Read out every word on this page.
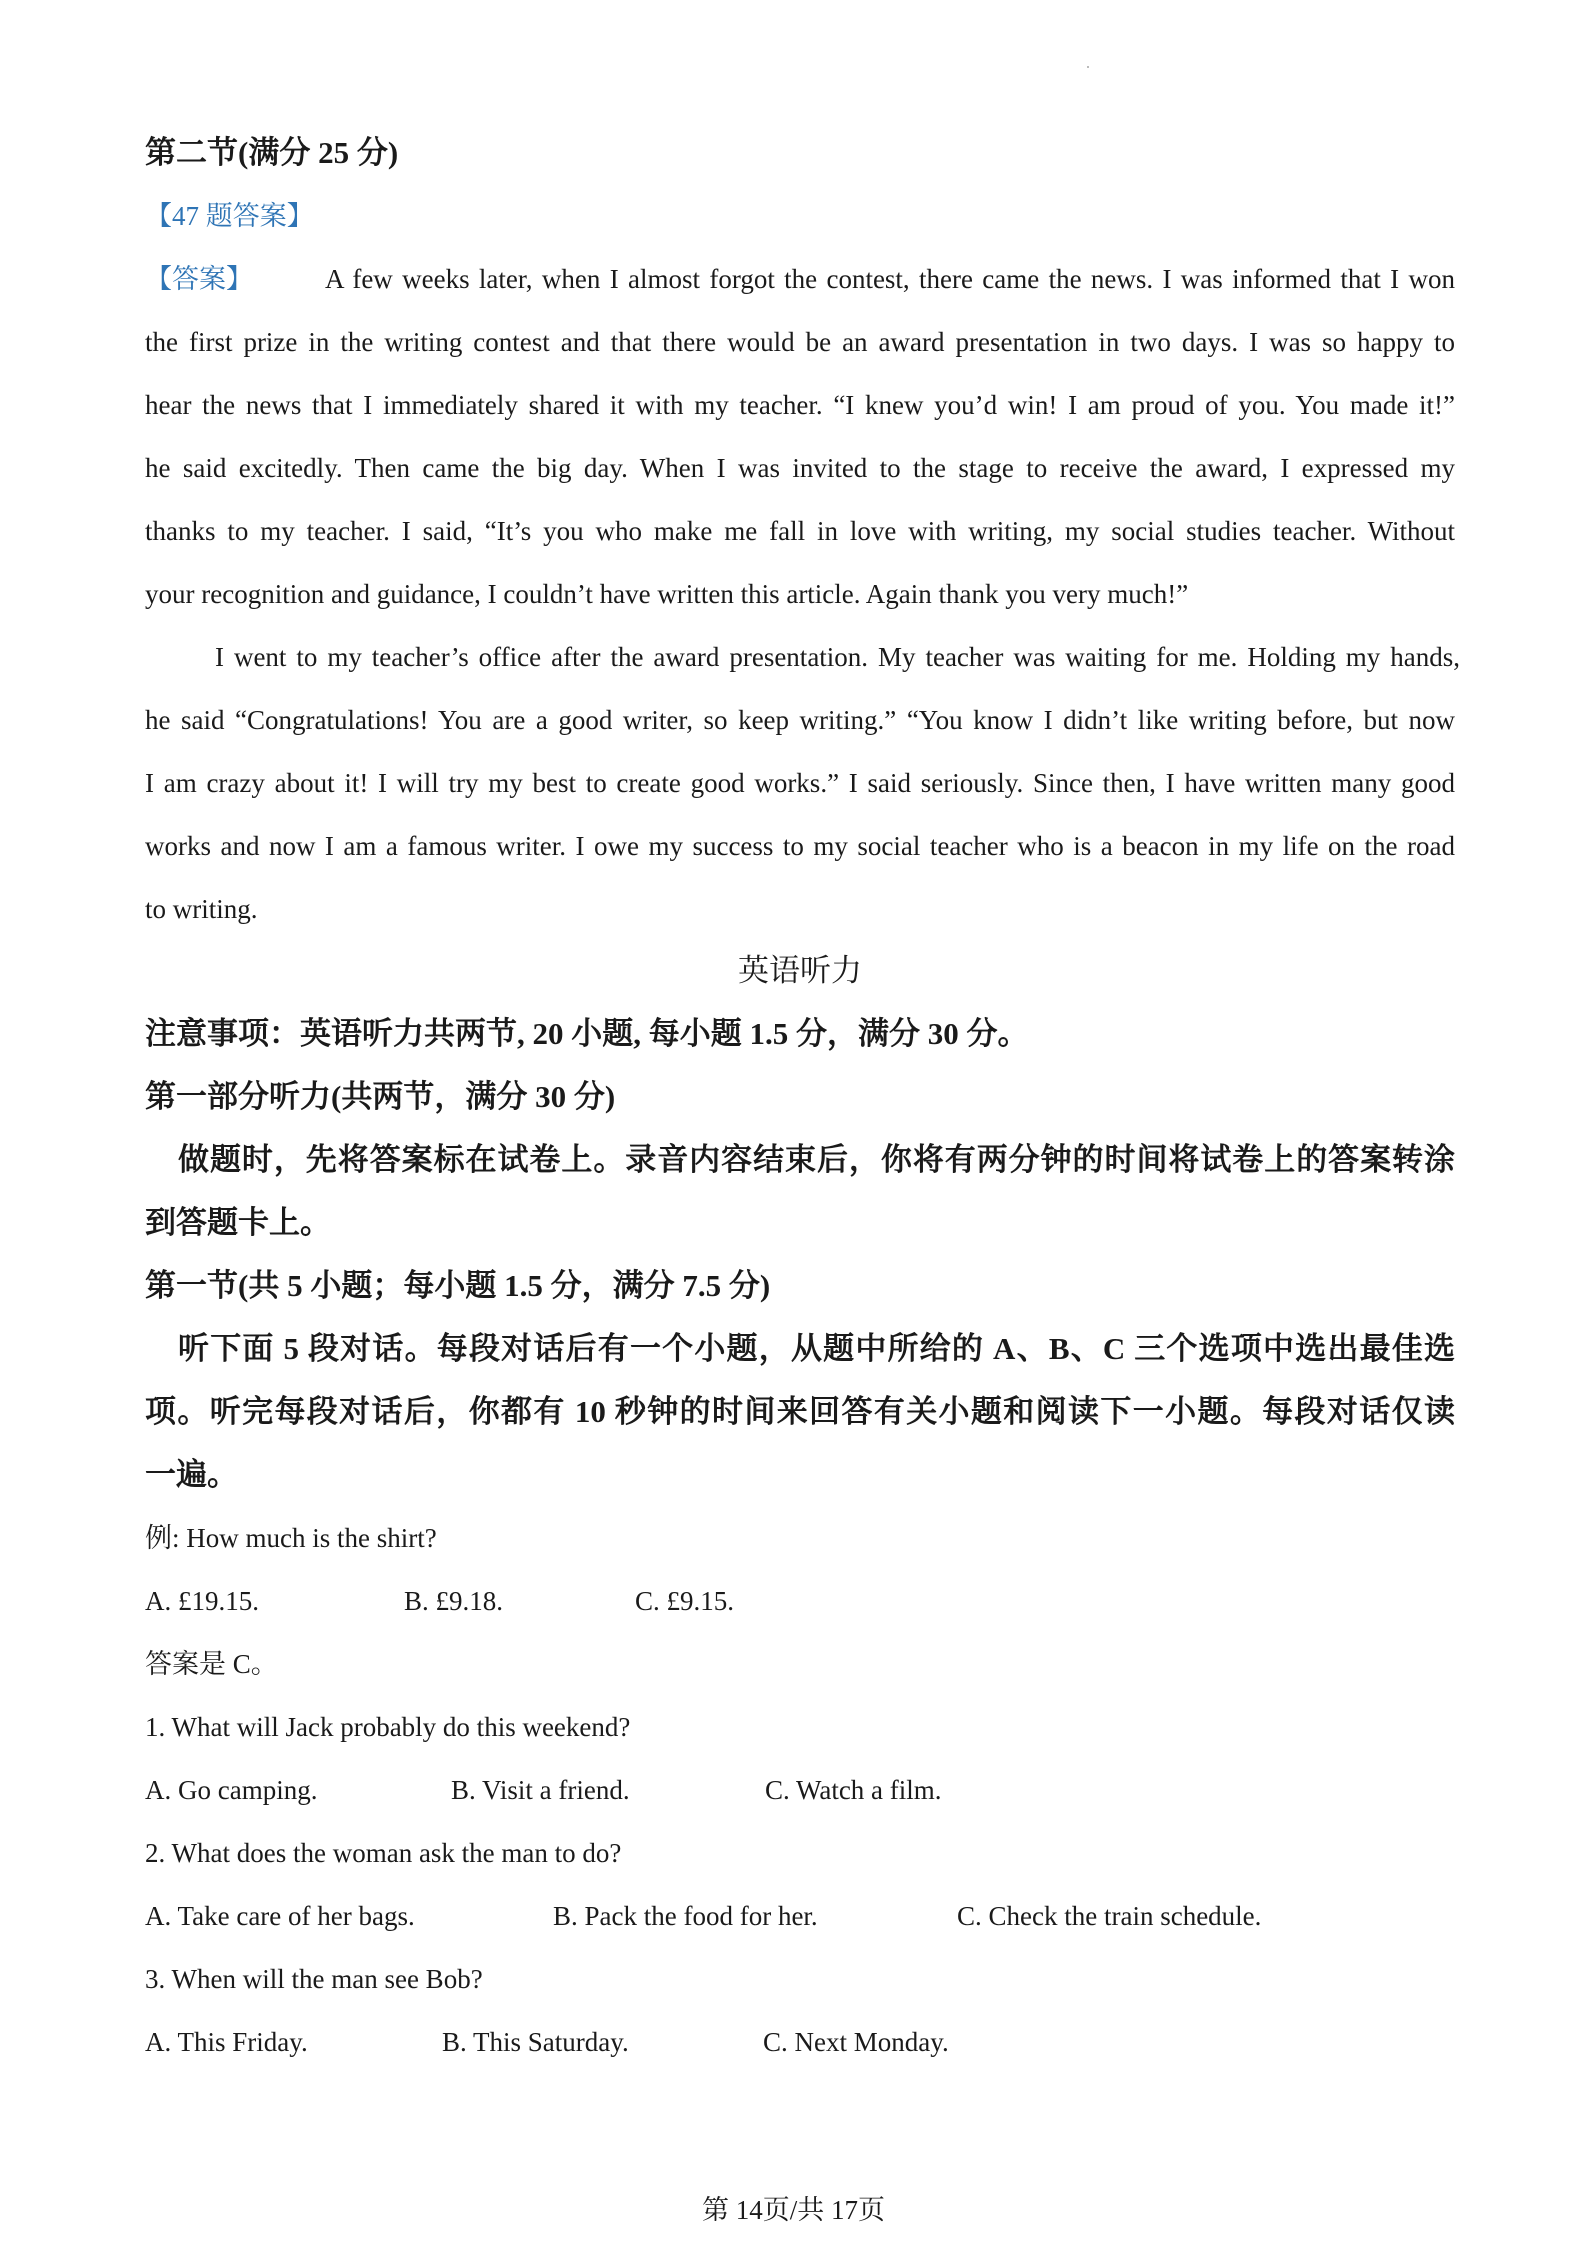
第二节(满分 25 分)
【47 题答案】
【答案】	A few weeks later, when I almost forgot the contest, there came the news. I was informed that I won
the first prize in the writing contest and that there would be an award presentation in two days. I was so happy to
hear the news that I immediately shared it with my teacher. “I knew you’d win! I am proud of you. You made it!”
he said excitedly. Then came the big day. When I was invited to the stage to receive the award, I expressed my
thanks to my teacher. I said, “It’s you who make me fall in love with writing, my social studies teacher. Without
your recognition and guidance, I couldn’t have written this article. Again thank you very much!”
I went to my teacher’s office after the award presentation. My teacher was waiting for me. Holding my hands,
he said “Congratulations! You are a good writer, so keep writing.” “You know I didn’t like writing before, but now
I am crazy about it! I will try my best to create good works.” I said seriously. Since then, I have written many good
works and now I am a famous writer. I owe my success to my social teacher who is a beacon in my life on the road
to writing.
英语听力
注意事项：英语听力共两节, 20 小题, 每小题 1.5 分，满分 30 分。
第一部分听力(共两节，满分 30 分)
做题时，先将答案标在试卷上。录音内容结束后，你将有两分钟的时间将试卷上的答案转涂
到答题卡上。
第一节(共 5 小题；每小题 1.5 分，满分 7.5 分)
听下面 5 段对话。每段对话后有一个小题，从题中所给的 A、B、C 三个选项中选出最佳选
项。听完每段对话后，你都有 10 秒钟的时间来回答有关小题和阅读下一小题。每段对话仅读
一遍。
例: How much is the shirt?
A. £19.15.	B. £9.18.	C. £9.15.
答案是 C。
1. What will Jack probably do this weekend?
A. Go camping.	B. Visit a friend.	C. Watch a film.
2. What does the woman ask the man to do?
A. Take care of her bags.	B. Pack the food for her.	C. Check the train schedule.
3. When will the man see Bob?
A. This Friday.	B. This Saturday.	C. Next Monday.
第 14页/共 17页
